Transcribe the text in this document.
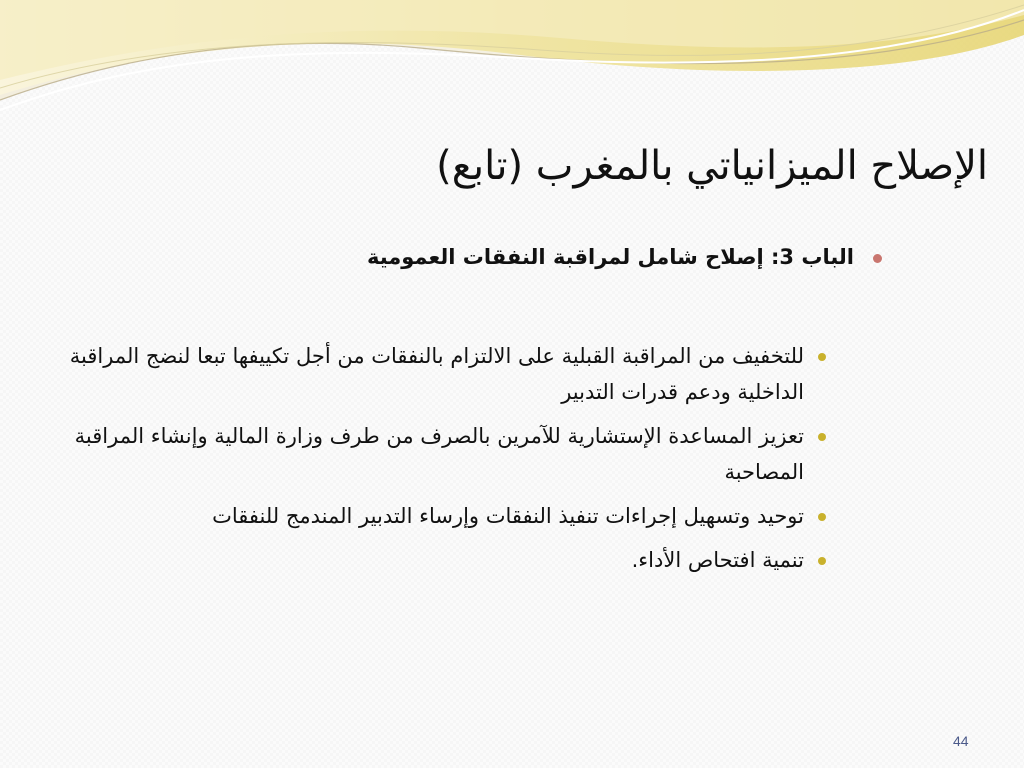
الإصلاح الميزانياتي بالمغرب (تابع)
الباب 3: إصلاح شامل لمراقبة النفقات العمومية
للتخفيف من المراقبة القبلية على الالتزام بالنفقات من أجل تكييفها تبعا لنضج المراقبة الداخلية ودعم قدرات التدبير
تعزيز المساعدة الإستشارية للآمرين بالصرف من طرف وزارة المالية وإنشاء المراقبة المصاحبة
توحيد وتسهيل إجراءات تنفيذ النفقات وإرساء التدبير المندمج للنفقات
تنمية افتحاص الأداء.
44
